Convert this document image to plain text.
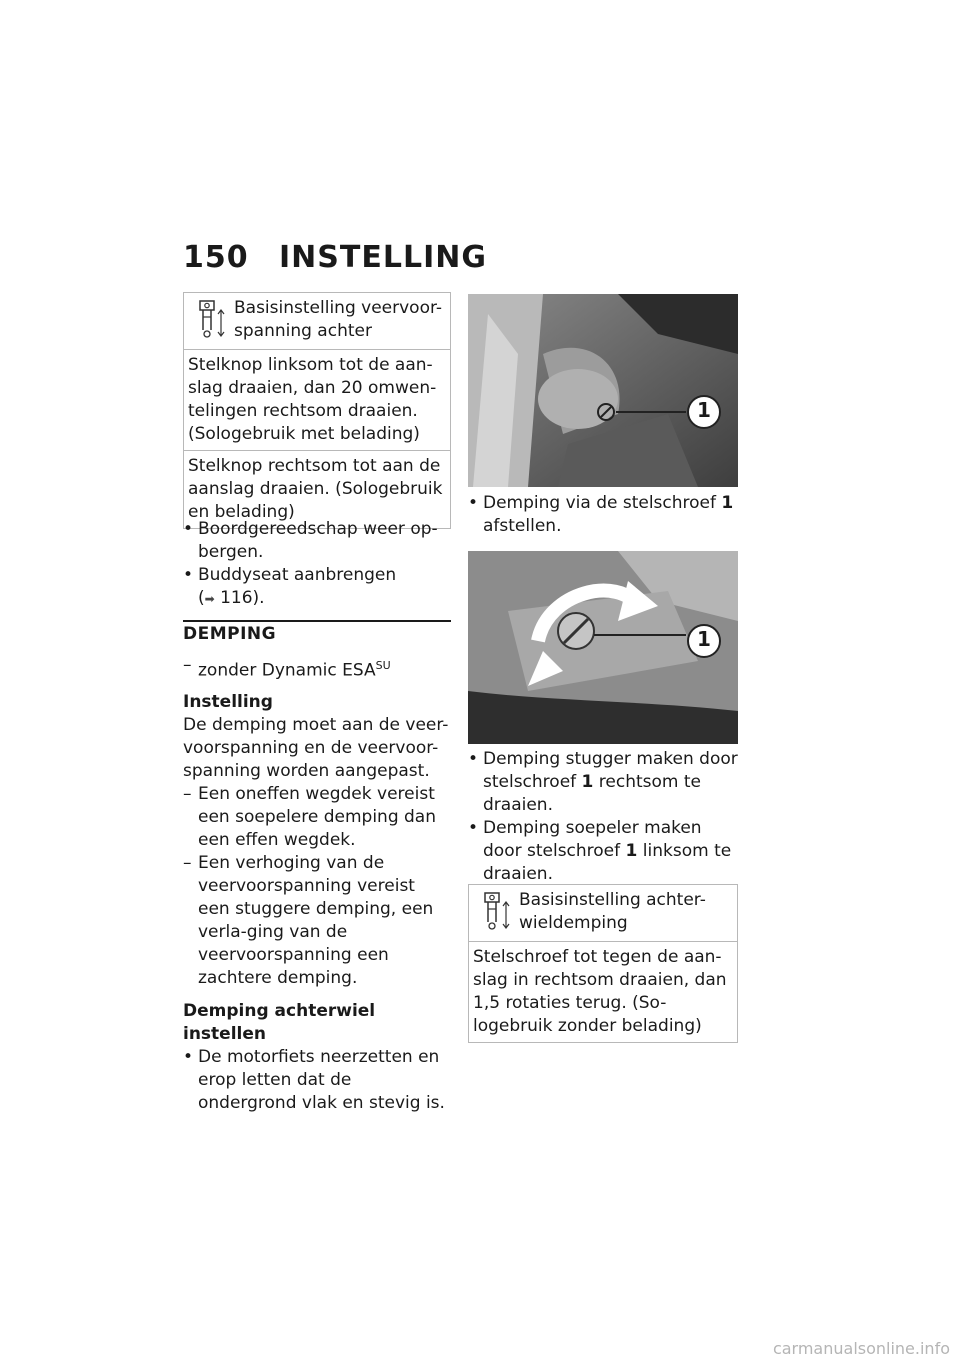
150 INSTELLING
Basisinstelling veervoor-spanning achter
Stelknop linksom tot de aan-slag draaien, dan 20 omwen-telingen rechtsom draaien. (Sologebruik met belading)
Stelknop rechtsom tot aan de aanslag draaien. (Sologebruik en belading)

• Boordgereedschap weer op-bergen.

• Buddyseat aanbrengen
(➡ 116).

DEMPING

– zonder Dynamic $ESA^{SU}$

Instelling

De demping moet aan de veer-voorspanning en de veervoor-spanning worden aangepast.

– Een oneffen wegdek vereist een soepelere demping dan een effen wegdek.

– Een verhoging van de veervoorspanning vereist een stuggere demping, een verla-ging van de veervoorspanning een zachtere demping.

Demping achterwiel instellen

• De motorfiets neerzetten en erop letten dat de ondergrond vlak en stevig is.

1

• Demping via de stelschroef 1 afstellen.

1

• Demping stugger maken door stelschroef 1 rechtsom te draaien.

• Demping soepeler maken door stelschroef 1 linksom te draaien.

Basisinstelling achter-wieldemping
Stelschroef tot tegen de aan-slag in rechtsom draaien, dan 1,5 rotaties terug. (So-logebruik zonder belading)
carmanualsonline.info
